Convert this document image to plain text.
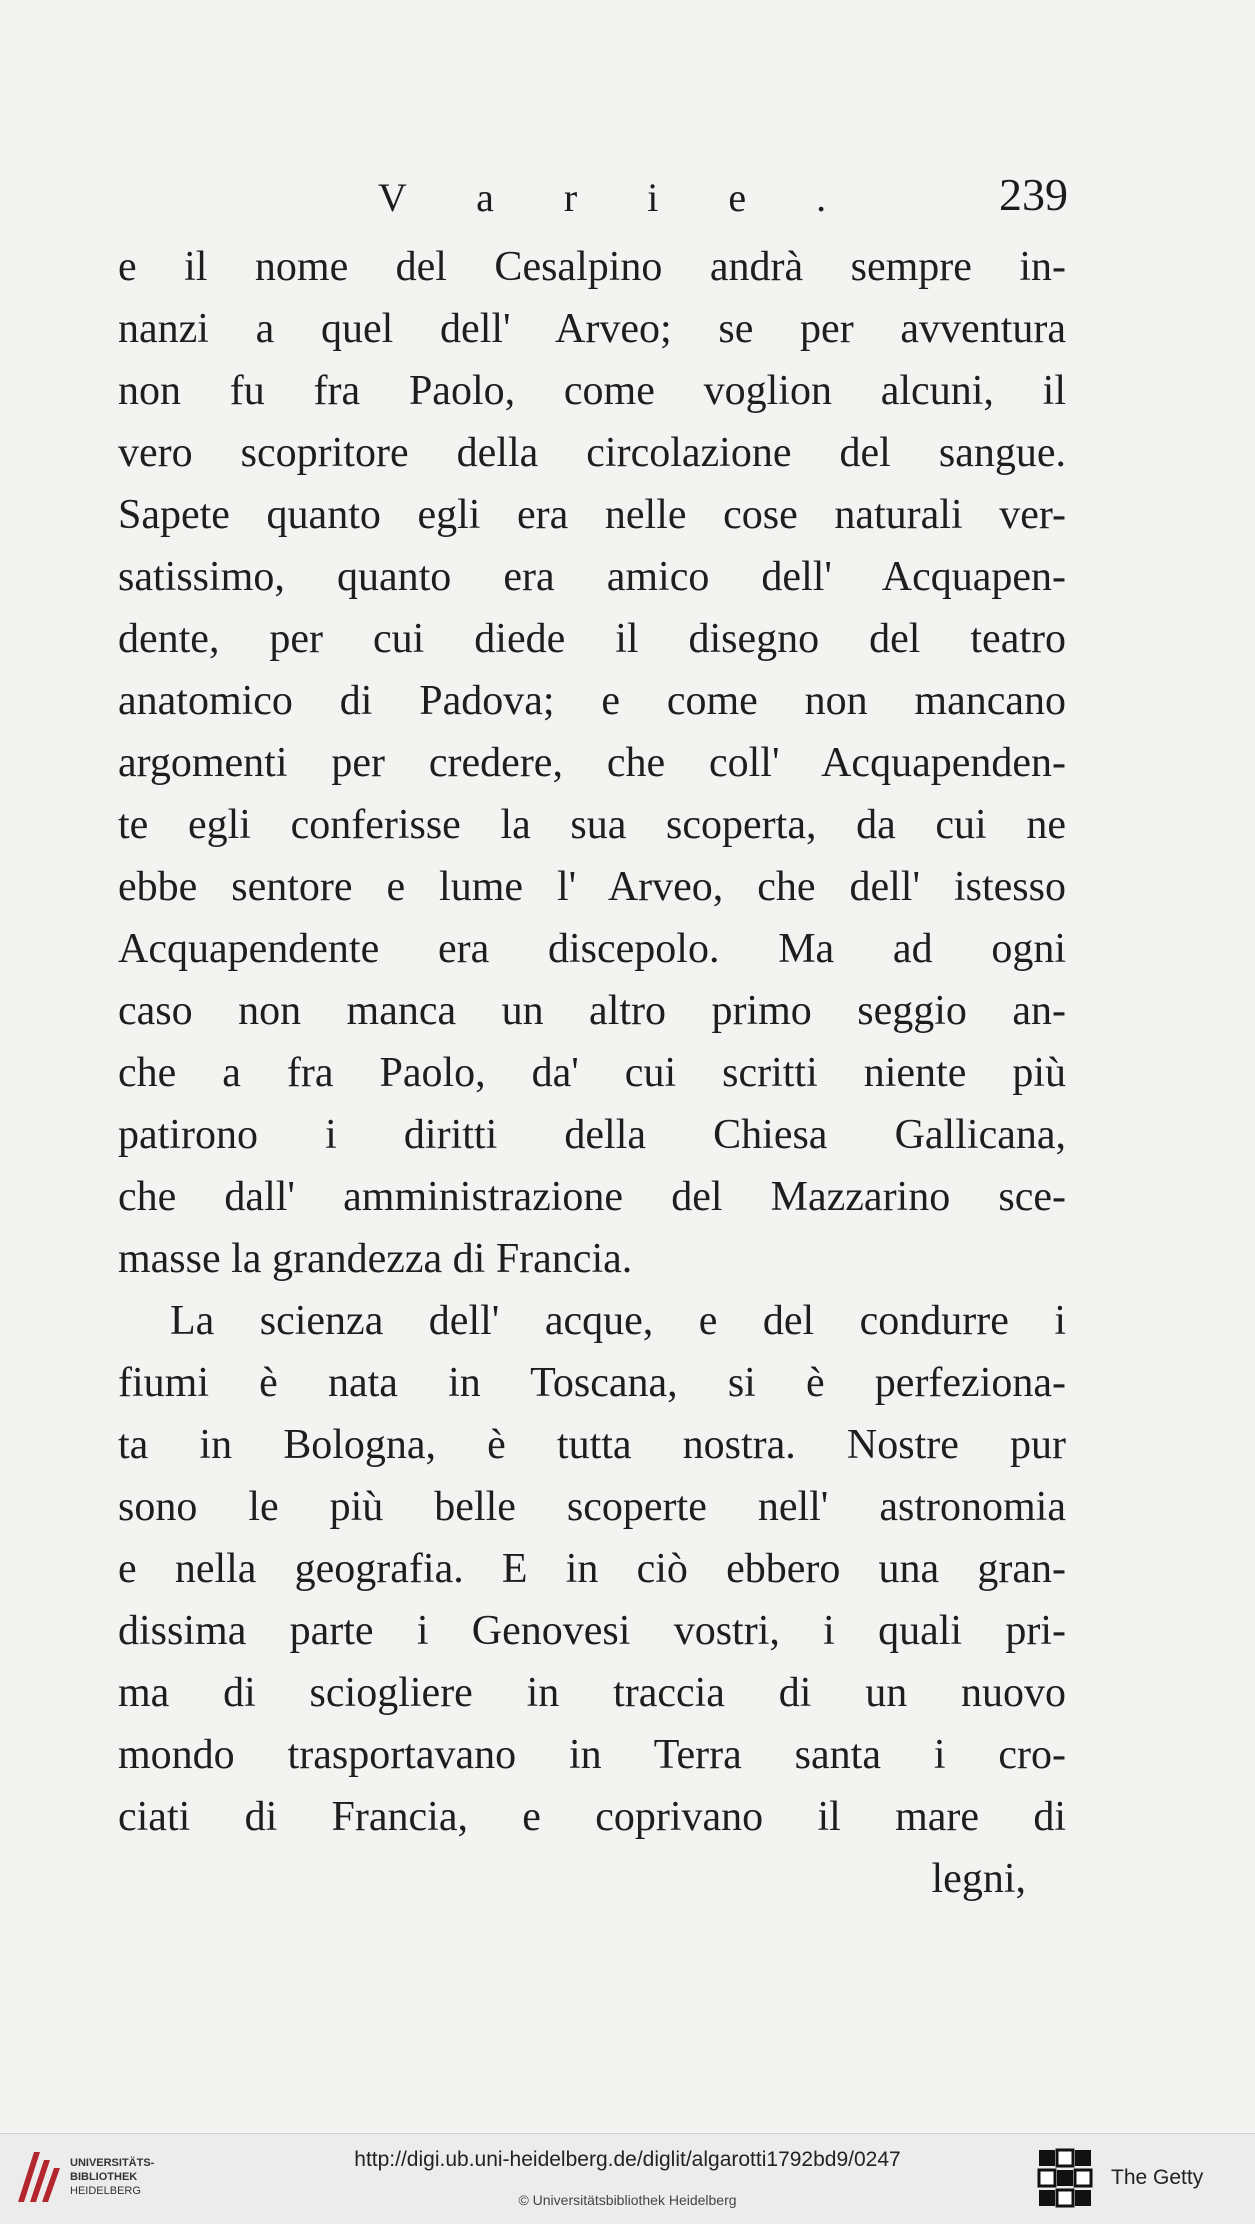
V a r i e .	239
e il nome del Cesalpino andrà sempre in-
nanzi a quel dell' Arveo; se per avventura
non fu fra Paolo, come voglion alcuni, il
vero scopritore della circolazione del sangue.
Sapete quanto egli era nelle cose naturali ver-
satissimo, quanto era amico dell' Acquapen-
dente, per cui diede il disegno del teatro
anatomico di Padova; e come non mancano
argomenti per credere, che coll' Acquapenden-
te egli conferisse la sua scoperta, da cui ne
ebbe sentore e lume l' Arveo, che dell' istesso
Acquapendente era discepolo. Ma ad ogni
caso non manca un altro primo seggio an-
che a fra Paolo, da' cui scritti niente più
patirono i diritti della Chiesa Gallicana,
che dall' amministrazione del Mazzarino sce-
masse la grandezza di Francia.
La scienza dell' acque, e del condurre i
fiumi è nata in Toscana, si è perfeziona-
ta in Bologna, è tutta nostra. Nostre pur
sono le più belle scoperte nell' astronomia
e nella geografia. E in ciò ebbero una gran-
dissima parte i Genovesi vostri, i quali pri-
ma di sciogliere in traccia di un nuovo
mondo trasportavano in Terra santa i cro-
ciati di Francia, e coprivano il mare di
legni,
UNIVERSITÄTS-
BIBLIOTHEK
HEIDELBERG
http://digi.ub.uni-heidelberg.de/diglit/algarotti1792bd9/0247
© Universitätsbibliothek Heidelberg
The Getty
